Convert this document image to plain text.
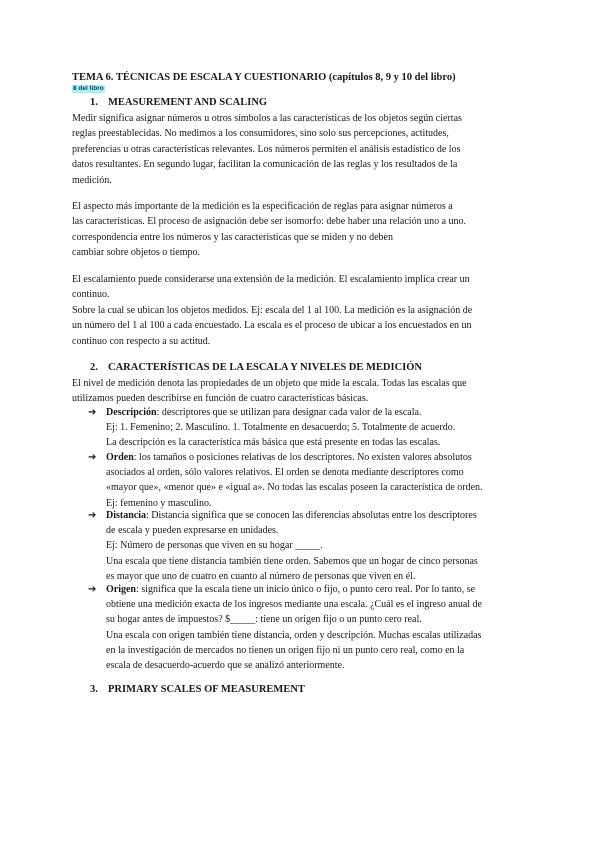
TEMA 6. TÉCNICAS DE ESCALA Y CUESTIONARIO (capítulos 8, 9 y 10 del libro)
8 del libro
1. MEASUREMENT AND SCALING
Medir significa asignar números u otros símbolos a las características de los objetos según ciertas
reglas preestablecidas. No medimos a los consumidores, sino solo sus percepciones, actitudes,
preferencias u otras características relevantes. Los números permiten el análisis estadístico de los
datos resultantes. En segundo lugar, facilitan la comunicación de las reglas y los resultados de la
medición.
El aspecto más importante de la medición es la especificación de reglas para asignar números a
las características. El proceso de asignación debe ser isomorfo: debe haber una relación uno a uno.
correspondencia entre los números y las características que se miden y no deben
cambiar sobre objetos o tiempo.
El escalamiento puede considerarse una extensión de la medición. El escalamiento implica crear un
continuo.
Sobre la cual se ubican los objetos medidos. Ej: escala del 1 al 100. La medición es la asignación de
un número del 1 al 100 a cada encuestado. La escala es el proceso de ubicar a los encuestados en un
continuo con respecto a su actitud.
2. CARACTERÍSTICAS DE LA ESCALA Y NIVELES DE MEDICIÓN
El nivel de medición denota las propiedades de un objeto que mide la escala. Todas las escalas que
utilizamos pueden describirse en función de cuatro características básicas.
➔ Descripción: descriptores que se utilizan para designar cada valor de la escala.
Ej: 1. Femenino; 2. Masculino. 1. Totalmente en desacuerdo; 5. Totalmente de acuerdo.
La descripción es la característica más básica que está presente en todas las escalas.
➔ Orden: los tamaños o posiciones relativas de los descriptores. No existen valores absolutos
asociados al orden, sólo valores relativos. El orden se denota mediante descriptores como
«mayor que», «menor que» e «igual a». No todas las escalas poseen la característica de orden.
Ej: femenino y masculino.
➔ Distancia: Distancia significa que se conocen las diferencias absolutas entre los descriptores
de escala y pueden expresarse en unidades.
Ej: Número de personas que viven en su hogar _____.
Una escala que tiene distancia también tiene orden. Sabemos que un hogar de cinco personas
es mayor que uno de cuatro en cuanto al número de personas que viven en él.
➔ Origen: significa que la escala tiene un inicio único o fijo, o punto cero real. Por lo tanto, se
obtiene una medición exacta de los ingresos mediante una escala. ¿Cuál es el ingreso anual de
su hogar antes de impuestos? $_____: tiene un origen fijo o un punto cero real.
Una escala con origen también tiene distancia, orden y descripción. Muchas escalas utilizadas
en la investigación de mercados no tienen un origen fijo ni un punto cero real, como en la
escala de desacuerdo-acuerdo que se analizó anteriormente.
3. PRIMARY SCALES OF MEASUREMENT
